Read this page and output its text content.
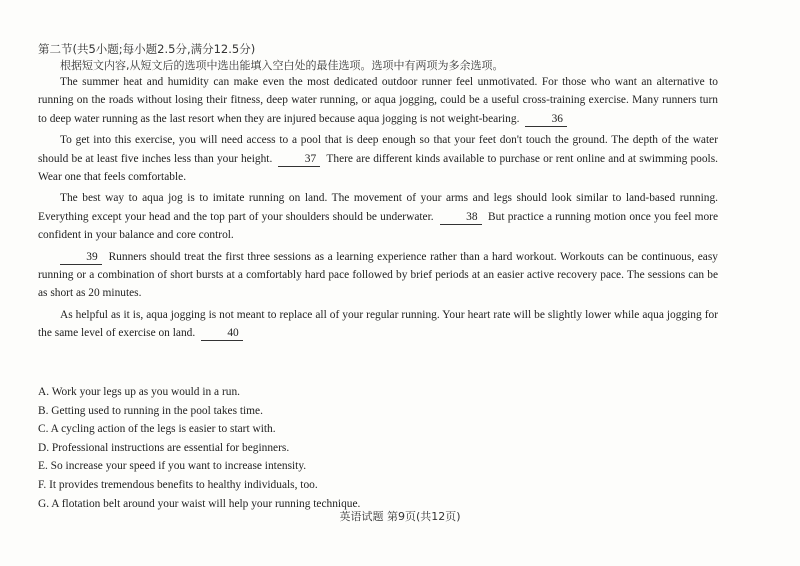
第二节(共5小题;每小题2.5分,满分12.5分)
根据短文内容,从短文后的选项中选出能填入空白处的最佳选项。选项中有两项为多余选项。

The summer heat and humidity can make even the most dedicated outdoor runner feel unmotivated. For those who want an alternative to running on the roads without losing their fitness, deep water running, or aqua jogging, could be a useful cross-training exercise. Many runners turn to deep water running as the last resort when they are injured because aqua jogging is not weight-bearing.	36

To get into this exercise, you will need access to a pool that is deep enough so that your feet don't touch the ground. The depth of the water should be at least five inches less than your height.	37 There are different kinds available to purchase or rent online and at swimming pools. Wear one that feels comfortable.

The best way to aqua jog is to imitate running on land. The movement of your arms and legs should look similar to land-based running. Everything except your head and the top part of your shoulders should be underwater.	38 But practice a running motion once you feel more confident in your balance and core control.

39 Runners should treat the first three sessions as a learning experience rather than a hard workout. Workouts can be continuous, easy running or a combination of short bursts at a comfortably hard pace followed by brief periods at an easier active recovery pace. The sessions can be as short as 20 minutes.

As helpful as it is, aqua jogging is not meant to replace all of your regular running. Your heart rate will be slightly lower while aqua jogging for the same level of exercise on land.	40

A. Work your legs up as you would in a run.

B. Getting used to running in the pool takes time.

C. A cycling action of the legs is easier to start with.

D. Professional instructions are essential for beginners.

E. So increase your speed if you want to increase intensity.

F. It provides tremendous benefits to healthy individuals, too.

G. A flotation belt around your waist will help your running technique.

英语试题 第9页(共12页)
